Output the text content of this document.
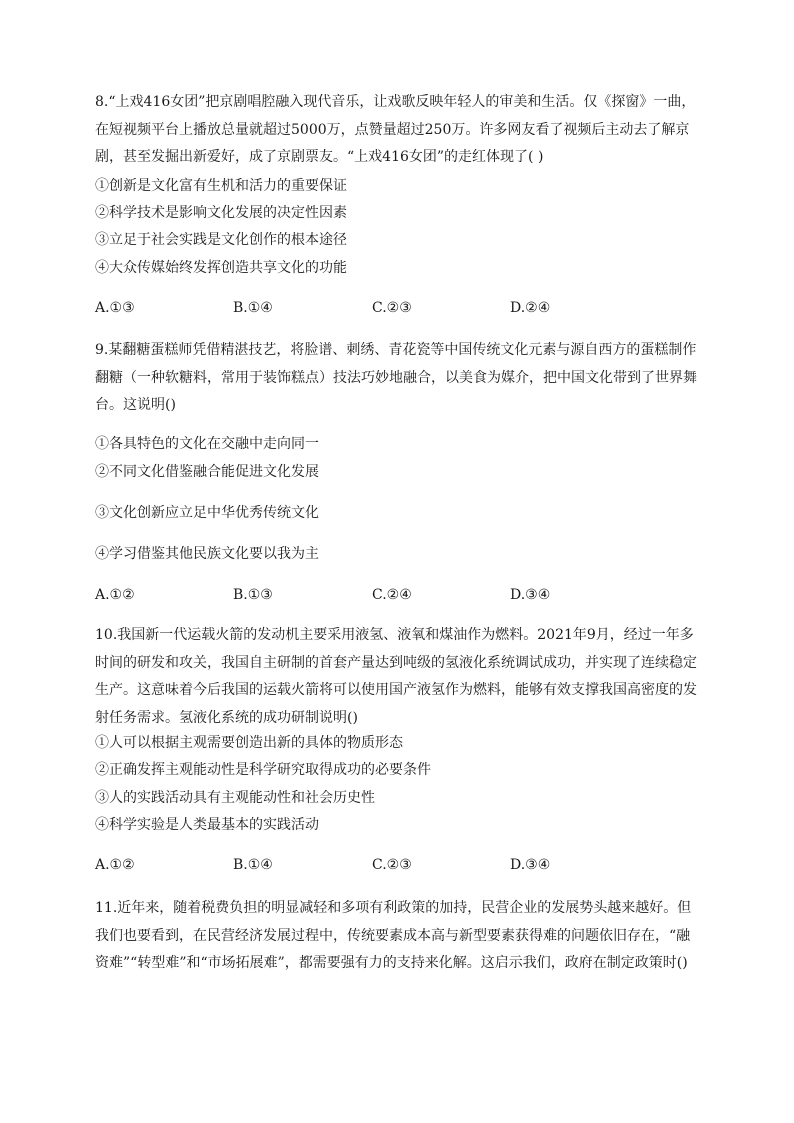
8.“上戏416女团”把京剧唱腔融入现代音乐，让戏歌反映年轻人的审美和生活。仅《探窗》一曲，在短视频平台上播放总量就超过5000万，点赞量超过250万。许多网友看了视频后主动去了解京剧，甚至发掘出新爱好，成了京剧票友。“上戏416女团”的走红体现了( )

①创新是文化富有生机和活力的重要保证
②科学技术是影响文化发展的决定性因素
③立足于社会实践是文化创作的根本途径
④大众传媒始终发挥创造共享文化的功能
A.①③	B.①④	C.②③	D.②④

9.某翻糖蛋糕师凭借精湛技艺，将脸谱、刺绣、青花瓷等中国传统文化元素与源自西方的蛋糕制作翻糖（一种软糖料，常用于装饰糕点）技法巧妙地融合，以美食为媒介，把中国文化带到了世界舞台。这说明()

①各具特色的文化在交融中走向同一
②不同文化借鉴融合能促进文化发展
③文化创新应立足中华优秀传统文化
④学习借鉴其他民族文化要以我为主
A.①②	B.①③	C.②④	D.③④

10.我国新一代运载火箭的发动机主要采用液氢、液氧和煤油作为燃料。2021年9月，经过一年多时间的研发和攻关，我国自主研制的首套产量达到吨级的氢液化系统调试成功，并实现了连续稳定生产。这意味着今后我国的运载火箭将可以使用国产液氢作为燃料，能够有效支撑我国高密度的发射任务需求。氢液化系统的成功研制说明()

①人可以根据主观需要创造出新的具体的物质形态
②正确发挥主观能动性是科学研究取得成功的必要条件
③人的实践活动具有主观能动性和社会历史性
④科学实验是人类最基本的实践活动
A.①②	B.①④	C.②③	D.③④

11.近年来，随着税费负担的明显减轻和多项有利政策的加持，民营企业的发展势头越来越好。但我们也要看到，在民营经济发展过程中，传统要素成本高与新型要素获得难的问题依旧存在，“融资难”“转型难”和“市场拓展难”，都需要强有力的支持来化解。这启示我们，政府在制定政策时()
